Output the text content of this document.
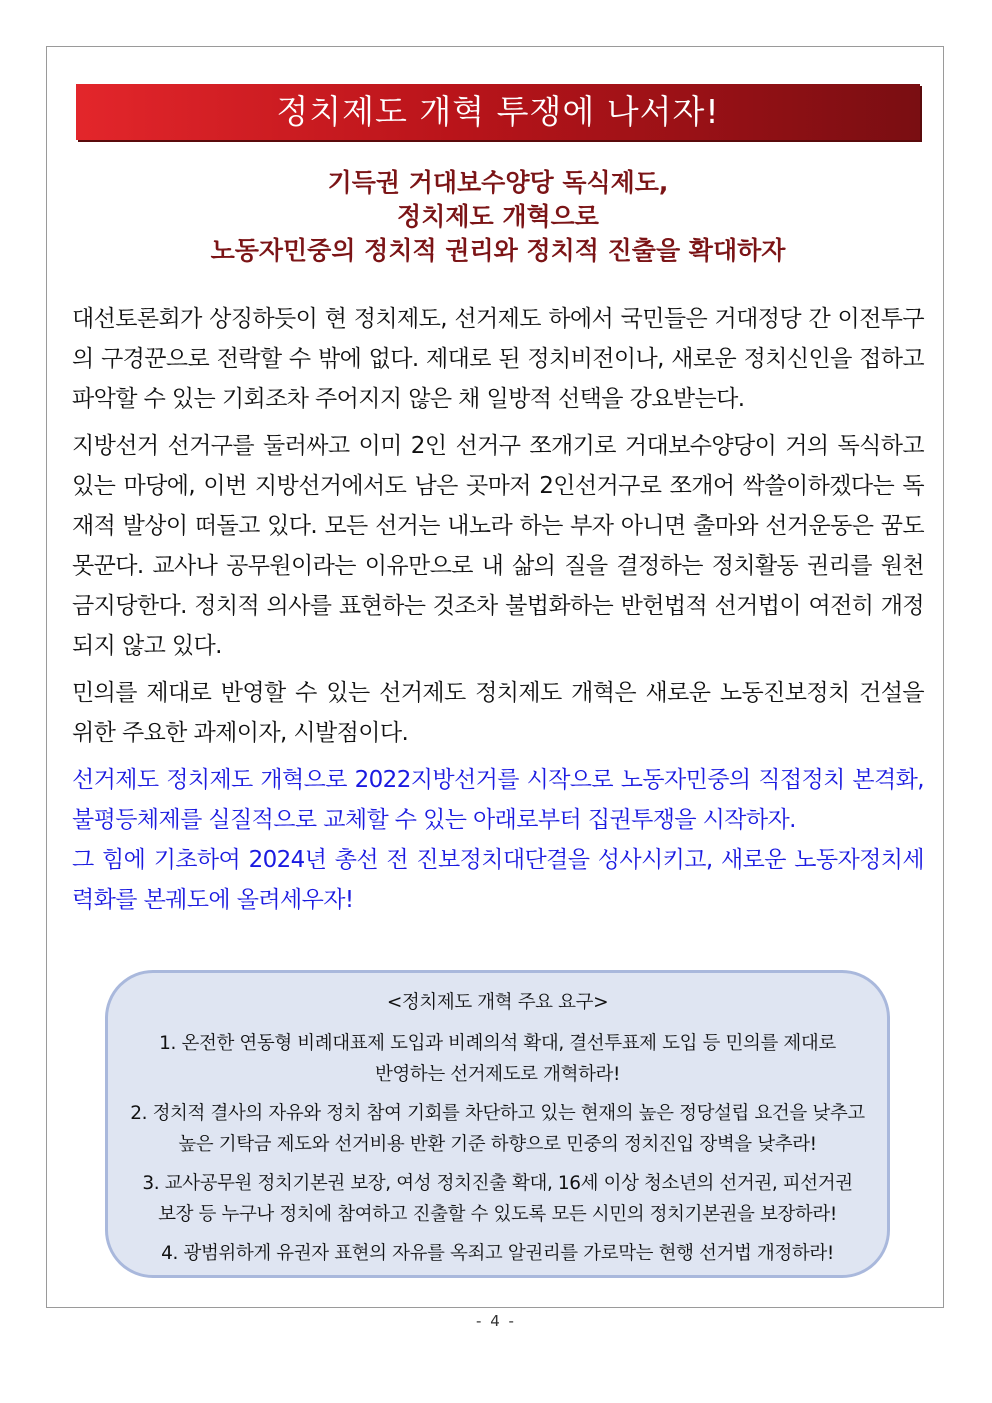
정치제도 개혁 투쟁에 나서자!
기득권 거대보수양당 독식제도,
정치제도 개혁으로
노동자민중의 정치적 권리와 정치적 진출을 확대하자

대선토론회가 상징하듯이 현 정치제도, 선거제도 하에서 국민들은 거대정당 간 이전투구의 구경꾼으로 전락할 수 밖에 없다. 제대로 된 정치비전이나, 새로운 정치신인을 접하고 파악할 수 있는 기회조차 주어지지 않은 채 일방적 선택을 강요받는다.

지방선거 선거구를 둘러싸고 이미 2인 선거구 쪼개기로 거대보수양당이 거의 독식하고 있는 마당에, 이번 지방선거에서도 남은 곳마저 2인선거구로 쪼개어 싹쓸이하겠다는 독재적 발상이 떠돌고 있다. 모든 선거는 내노라 하는 부자 아니면 출마와 선거운동은 꿈도 못꾼다. 교사나 공무원이라는 이유만으로 내 삶의 질을 결정하는 정치활동 권리를 원천 금지당한다. 정치적 의사를 표현하는 것조차 불법화하는 반헌법적 선거법이 여전히 개정되지 않고 있다.

민의를 제대로 반영할 수 있는 선거제도 정치제도 개혁은 새로운 노동진보정치 건설을 위한 주요한 과제이자, 시발점이다.

선거제도 정치제도 개혁으로 2022지방선거를 시작으로 노동자민중의 직접정치 본격화, 불평등체제를 실질적으로 교체할 수 있는 아래로부터 집권투쟁을 시작하자.

그 힘에 기초하여 2024년 총선 전 진보정치대단결을 성사시키고, 새로운 노동자정치세력화를 본궤도에 올려세우자!

<정치제도 개혁 주요 요구>
1. 온전한 연동형 비례대표제 도입과 비례의석 확대, 결선투표제 도입 등 민의를 제대로
반영하는 선거제도로 개혁하라!
2. 정치적 결사의 자유와 정치 참여 기회를 차단하고 있는 현재의 높은 정당설립 요건을 낮추고
높은 기탁금 제도와 선거비용 반환 기준 하향으로 민중의 정치진입 장벽을 낮추라!
3. 교사공무원 정치기본권 보장, 여성 정치진출 확대, 16세 이상 청소년의 선거권, 피선거권
보장 등 누구나 정치에 참여하고 진출할 수 있도록 모든 시민의 정치기본권을 보장하라!
4. 광범위하게 유권자 표현의 자유를 옥죄고 알권리를 가로막는 현행 선거법 개정하라!
- 4 -
